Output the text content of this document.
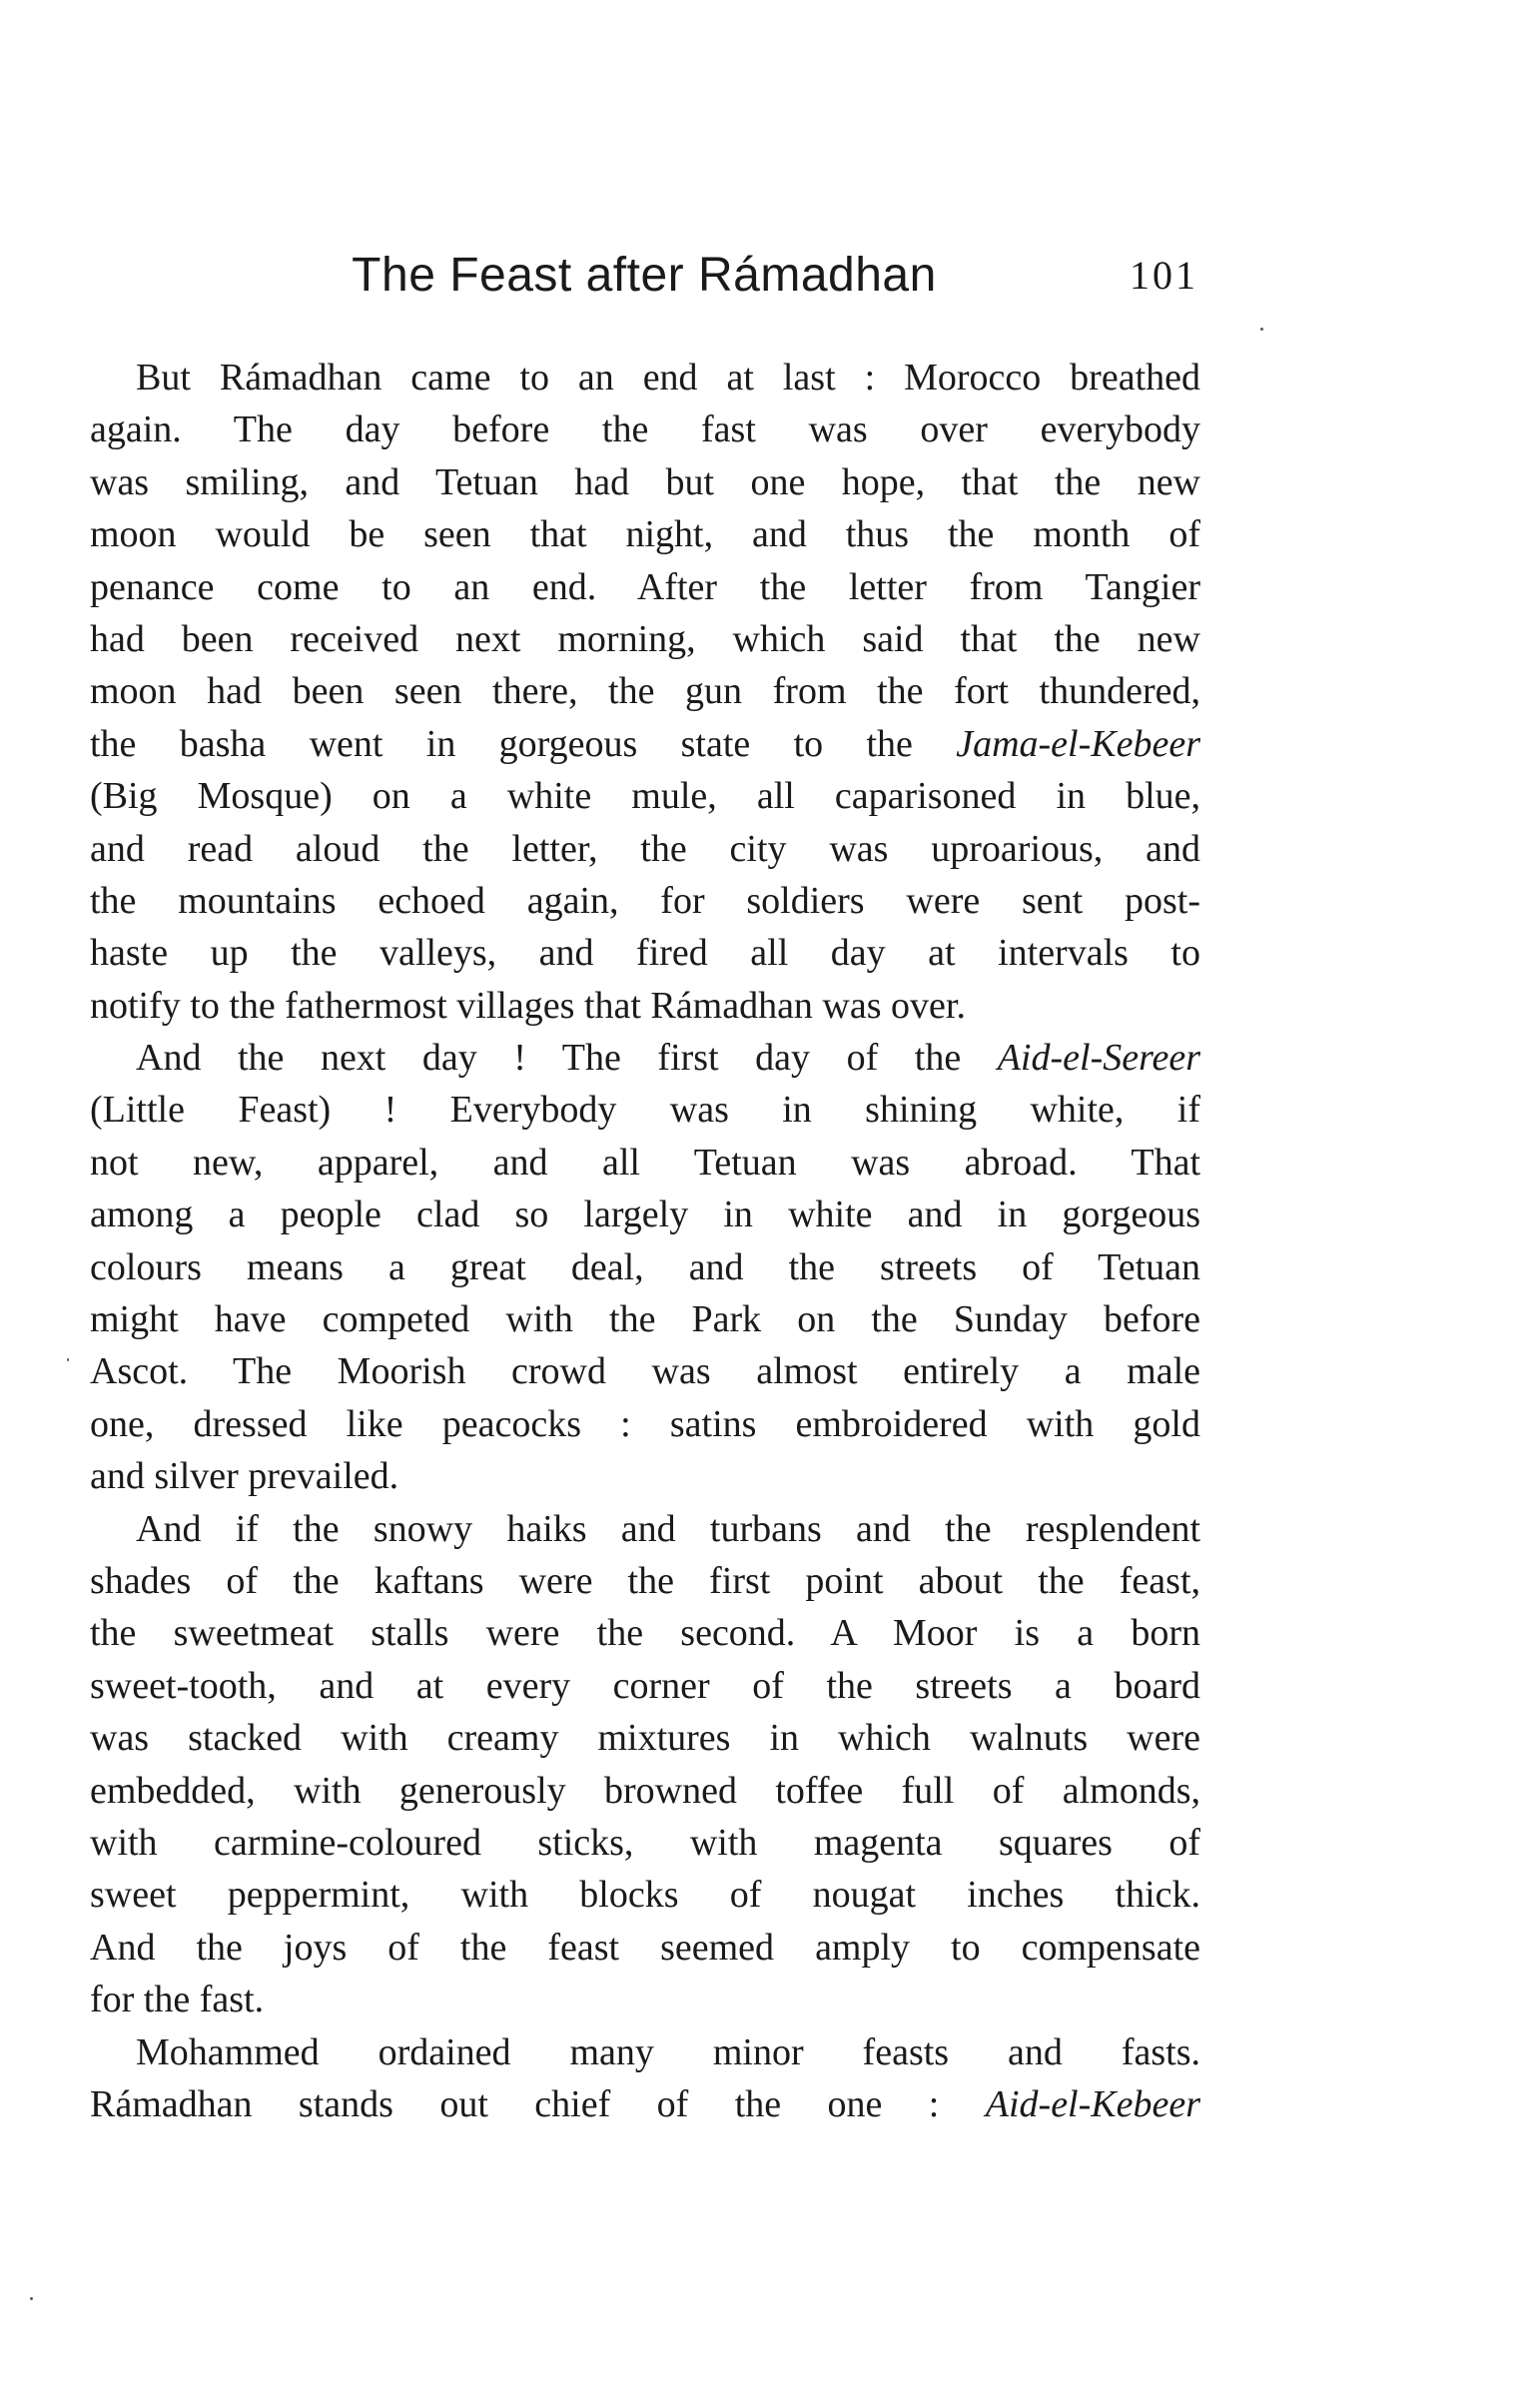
The Feast after Rámadhan	101

But Rámadhan came to an end at last : Morocco breathed
again. The day before the fast was over everybody
was smiling, and Tetuan had but one hope, that the new
moon would be seen that night, and thus the month of
penance come to an end. After the letter from Tangier
had been received next morning, which said that the new
moon had been seen there, the gun from the fort thundered,
the basha went in gorgeous state to the Jama-el-Kebeer
(Big Mosque) on a white mule, all caparisoned in blue,
and read aloud the letter, the city was uproarious, and
the mountains echoed again, for soldiers were sent post-
haste up the valleys, and fired all day at intervals to
notify to the fathermost villages that Rámadhan was over.

And the next day ! The first day of the Aid-el-Sereer
(Little Feast) ! Everybody was in shining white, if
not new, apparel, and all Tetuan was abroad. That
among a people clad so largely in white and in gorgeous
colours means a great deal, and the streets of Tetuan
might have competed with the Park on the Sunday before
Ascot. The Moorish crowd was almost entirely a male
one, dressed like peacocks : satins embroidered with gold
and silver prevailed.

And if the snowy haiks and turbans and the resplendent
shades of the kaftans were the first point about the feast,
the sweetmeat stalls were the second. A Moor is a born
sweet-tooth, and at every corner of the streets a board
was stacked with creamy mixtures in which walnuts were
embedded, with generously browned toffee full of almonds,
with carmine-coloured sticks, with magenta squares of
sweet peppermint, with blocks of nougat inches thick.
And the joys of the feast seemed amply to compensate
for the fast.

Mohammed ordained many minor feasts and fasts.
Rámadhan stands out chief of the one : Aid-el-Kebeer
